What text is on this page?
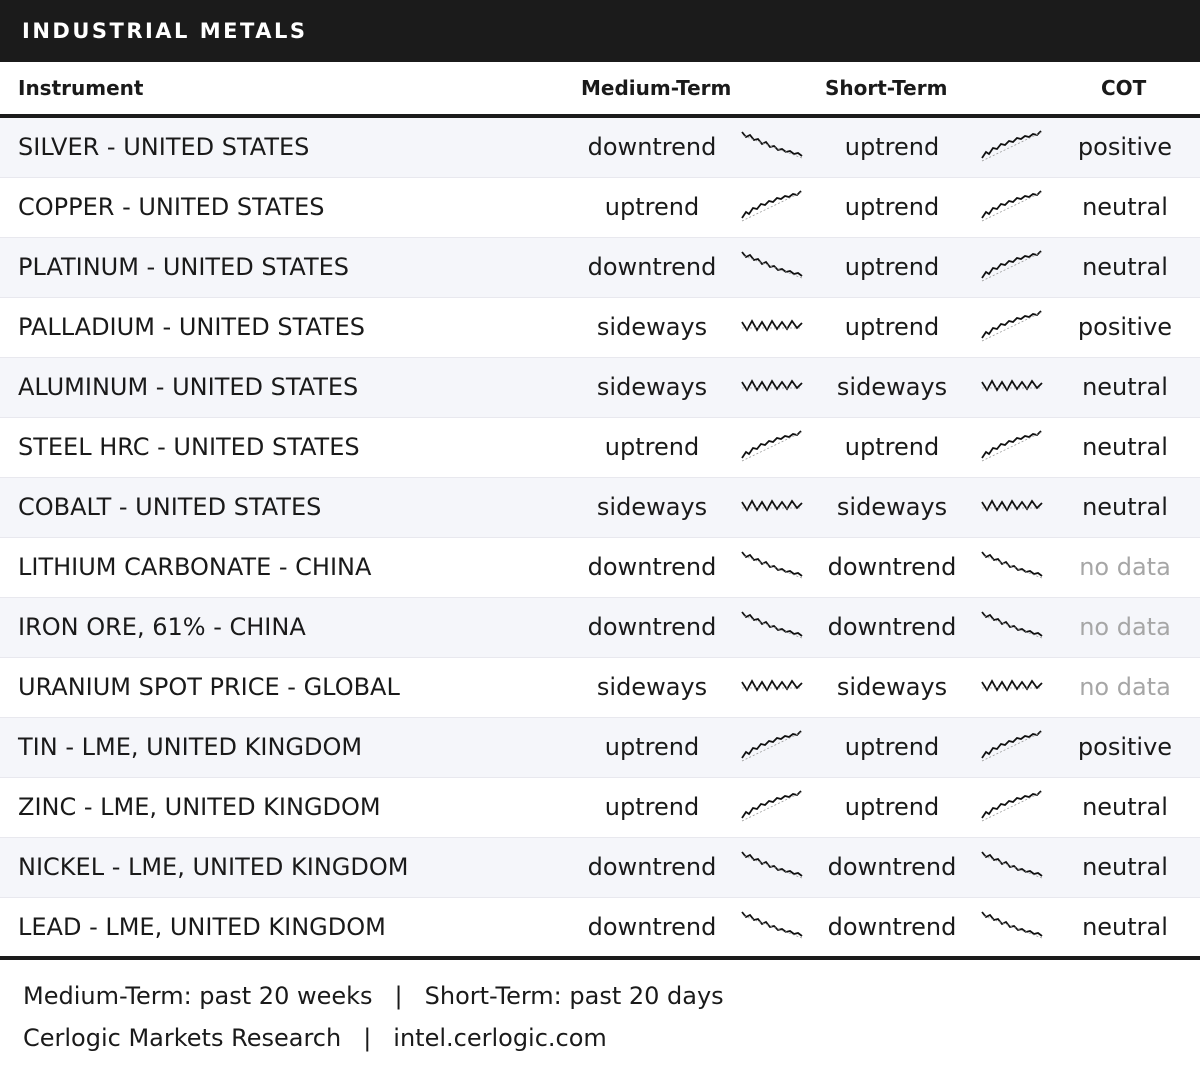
INDUSTRIAL METALS
Instrument	Medium-Term	Short-Term	COT
SILVER - UNITED STATES	downtrend	uptrend	positive
COPPER - UNITED STATES	uptrend	uptrend	neutral
PLATINUM - UNITED STATES	downtrend	uptrend	neutral
PALLADIUM - UNITED STATES	sideways	uptrend	positive
ALUMINUM - UNITED STATES	sideways	sideways	neutral
STEEL HRC - UNITED STATES	uptrend	uptrend	neutral
COBALT - UNITED STATES	sideways	sideways	neutral
LITHIUM CARBONATE - CHINA	downtrend	downtrend	no data
IRON ORE, 61% - CHINA	downtrend	downtrend	no data
URANIUM SPOT PRICE - GLOBAL	sideways	sideways	no data
TIN - LME, UNITED KINGDOM	uptrend	uptrend	positive
ZINC - LME, UNITED KINGDOM	uptrend	uptrend	neutral
NICKEL - LME, UNITED KINGDOM	downtrend	downtrend	neutral
LEAD - LME, UNITED KINGDOM	downtrend	downtrend	neutral
Medium-Term: past 20 weeks | Short-Term: past 20 days
Cerlogic Markets Research | intel.cerlogic.com
